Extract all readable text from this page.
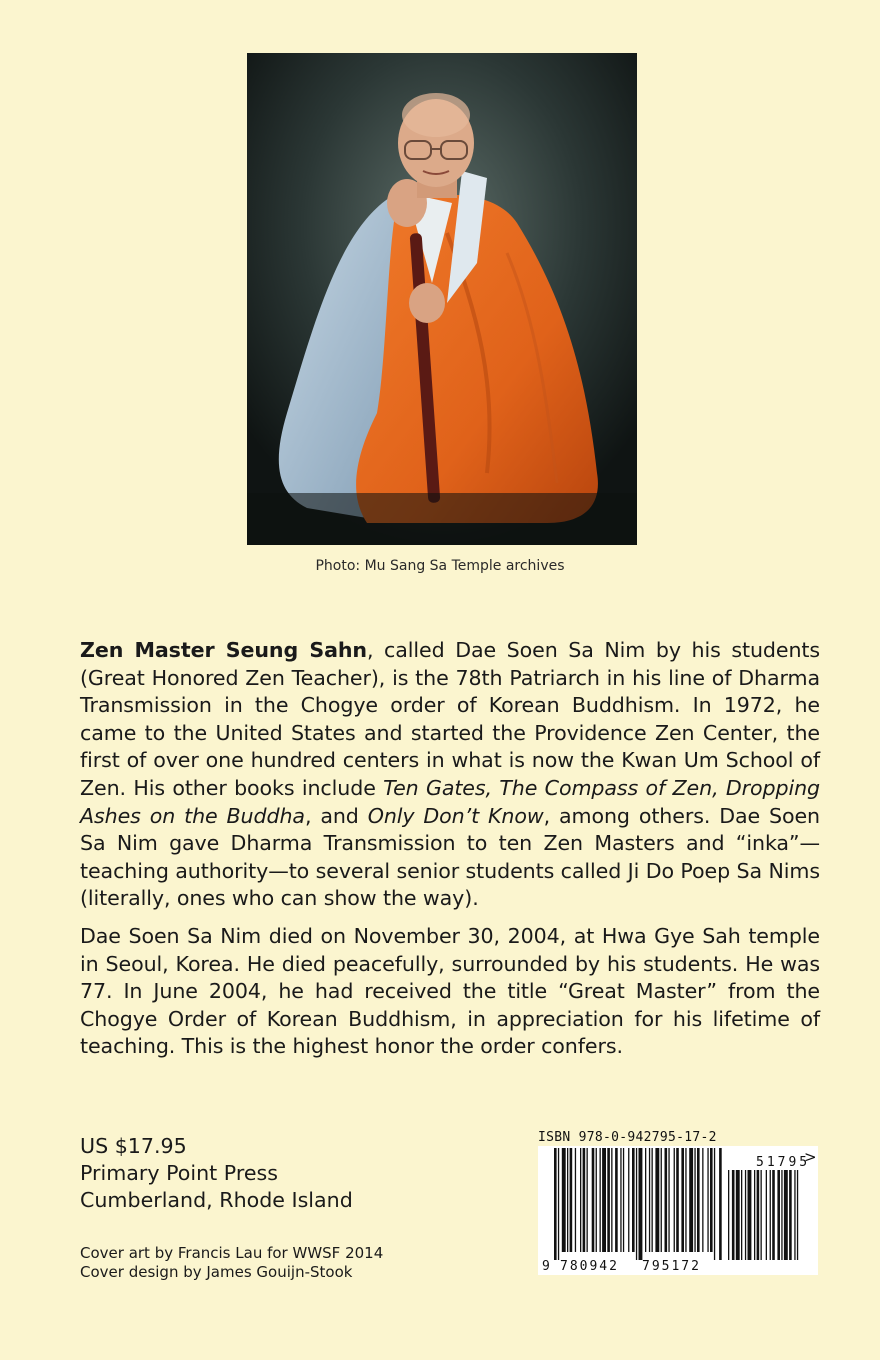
Photo: Mu Sang Sa Temple archives

Zen Master Seung Sahn, called Dae Soen Sa Nim by his students (Great Honored Zen Teacher), is the 78th Patriarch in his line of Dharma Transmission in the Chogye order of Korean Buddhism. In 1972, he came to the United States and started the Providence Zen Center, the first of over one hundred centers in what is now the Kwan Um School of Zen. His other books include Ten Gates, The Compass of Zen, Dropping Ashes on the Buddha, and Only Don’t Know, among others. Dae Soen Sa Nim gave Dharma Transmission to ten Zen Masters and “inka”—teaching authority—to several senior students called Ji Do Poep Sa Nims (literally, ones who can show the way).

Dae Soen Sa Nim died on November 30, 2004, at Hwa Gye Sah temple in Seoul, Korea. He died peacefully, surrounded by his students. He was 77. In June 2004, he had received the title “Great Master” from the Chogye Order of Korean Buddhism, in appreciation for his lifetime of teaching. This is the highest honor the order confers.

US $17.95
Primary Point Press
Cumberland, Rhode Island
Cover art by Francis Lau for WWSF 2014
Cover design by James Gouijn-Stook
ISBN 978-0-942795-17-2
51795
>
9 780942 795172
